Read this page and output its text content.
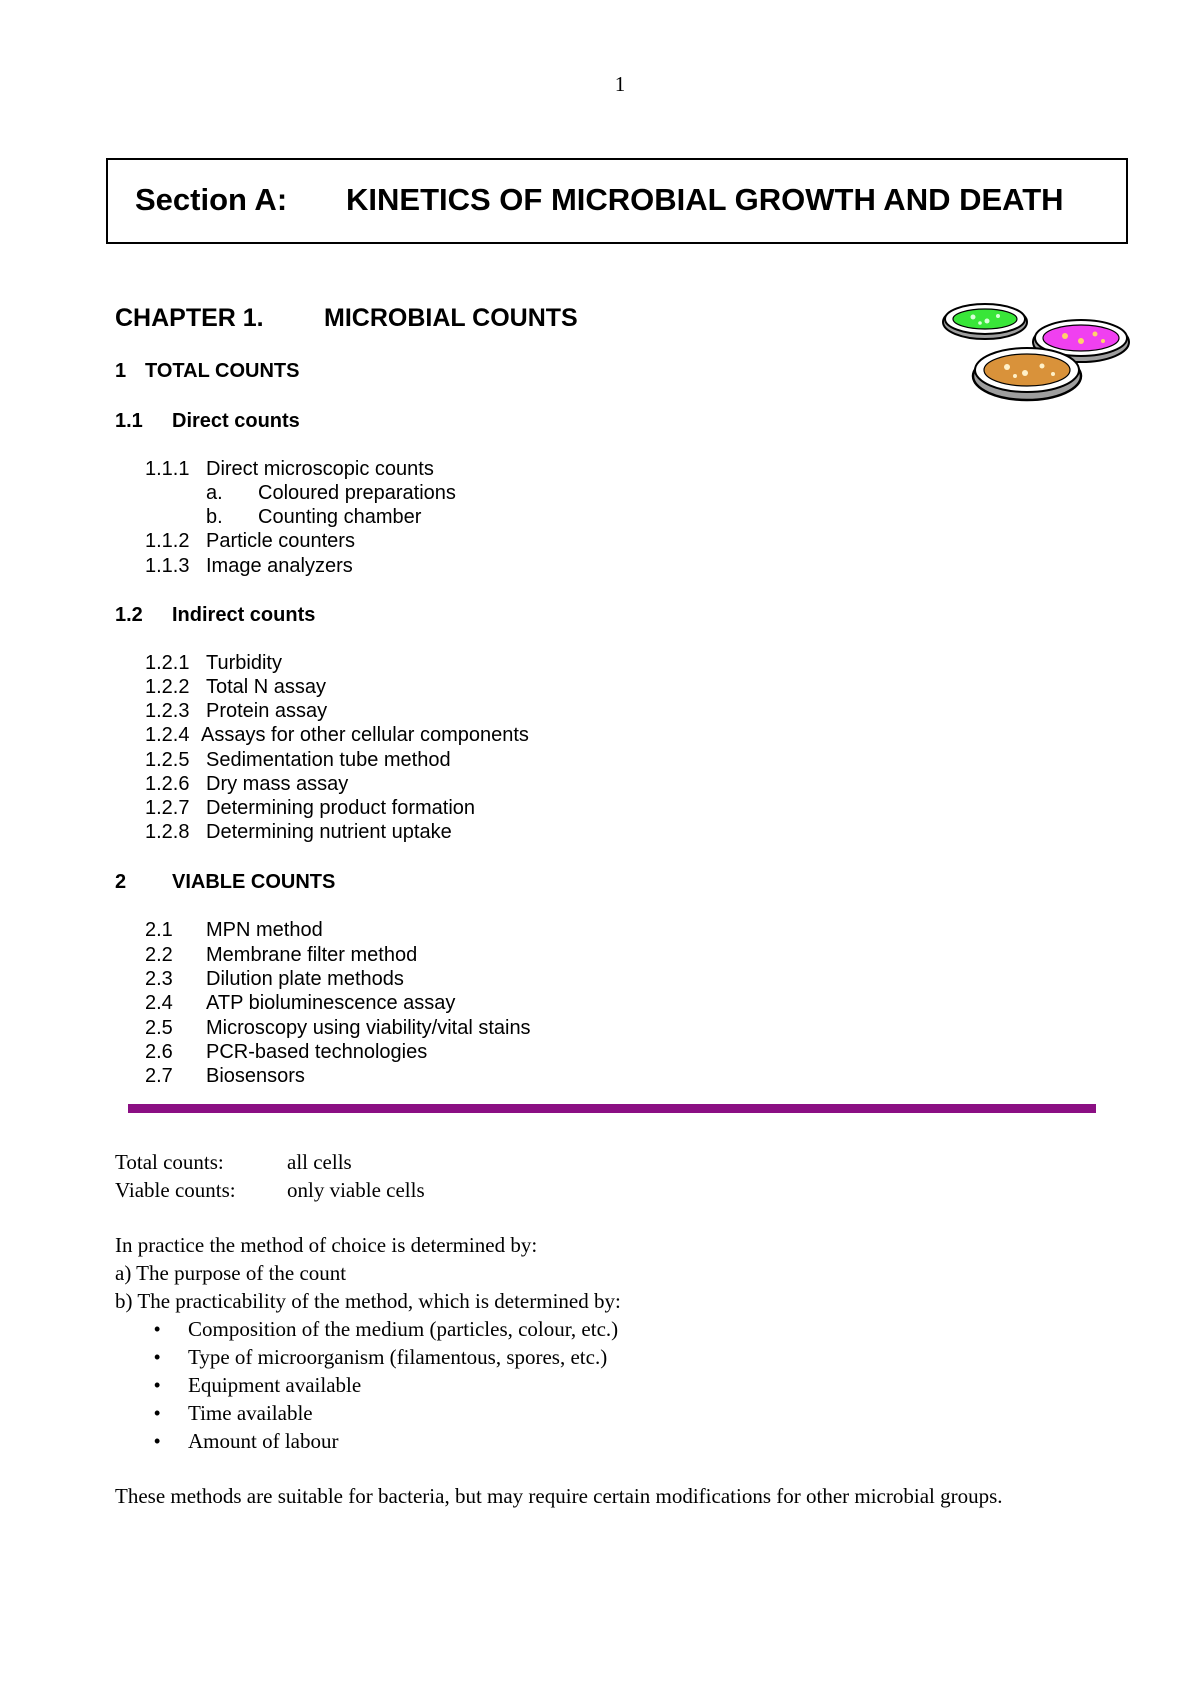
1
Section A: KINETICS OF MICROBIAL GROWTH AND DEATH
CHAPTER 1. MICROBIAL COUNTS
1 TOTAL COUNTS
1.1 Direct counts
1.1.1 Direct microscopic counts
a. Coloured preparations
b. Counting chamber
1.1.2 Particle counters
1.1.3 Image analyzers
1.2 Indirect counts
1.2.1 Turbidity
1.2.2 Total N assay
1.2.3 Protein assay
1.2.4 Assays for other cellular components
1.2.5 Sedimentation tube method
1.2.6 Dry mass assay
1.2.7 Determining product formation
1.2.8 Determining nutrient uptake
2 VIABLE COUNTS
2.1 MPN method
2.2 Membrane filter method
2.3 Dilution plate methods
2.4 ATP bioluminescence assay
2.5 Microscopy using viability/vital stains
2.6 PCR-based technologies
2.7 Biosensors
Total counts:	all cells
Viable counts: only viable cells
In practice the method of choice is determined by:
a) The purpose of the count
b) The practicability of the method, which is determined by:
• Composition of the medium (particles, colour, etc.)
• Type of microorganism (filamentous, spores, etc.)
• Equipment available
• Time available
• Amount of labour
These methods are suitable for bacteria, but may require certain modifications for other microbial groups.
